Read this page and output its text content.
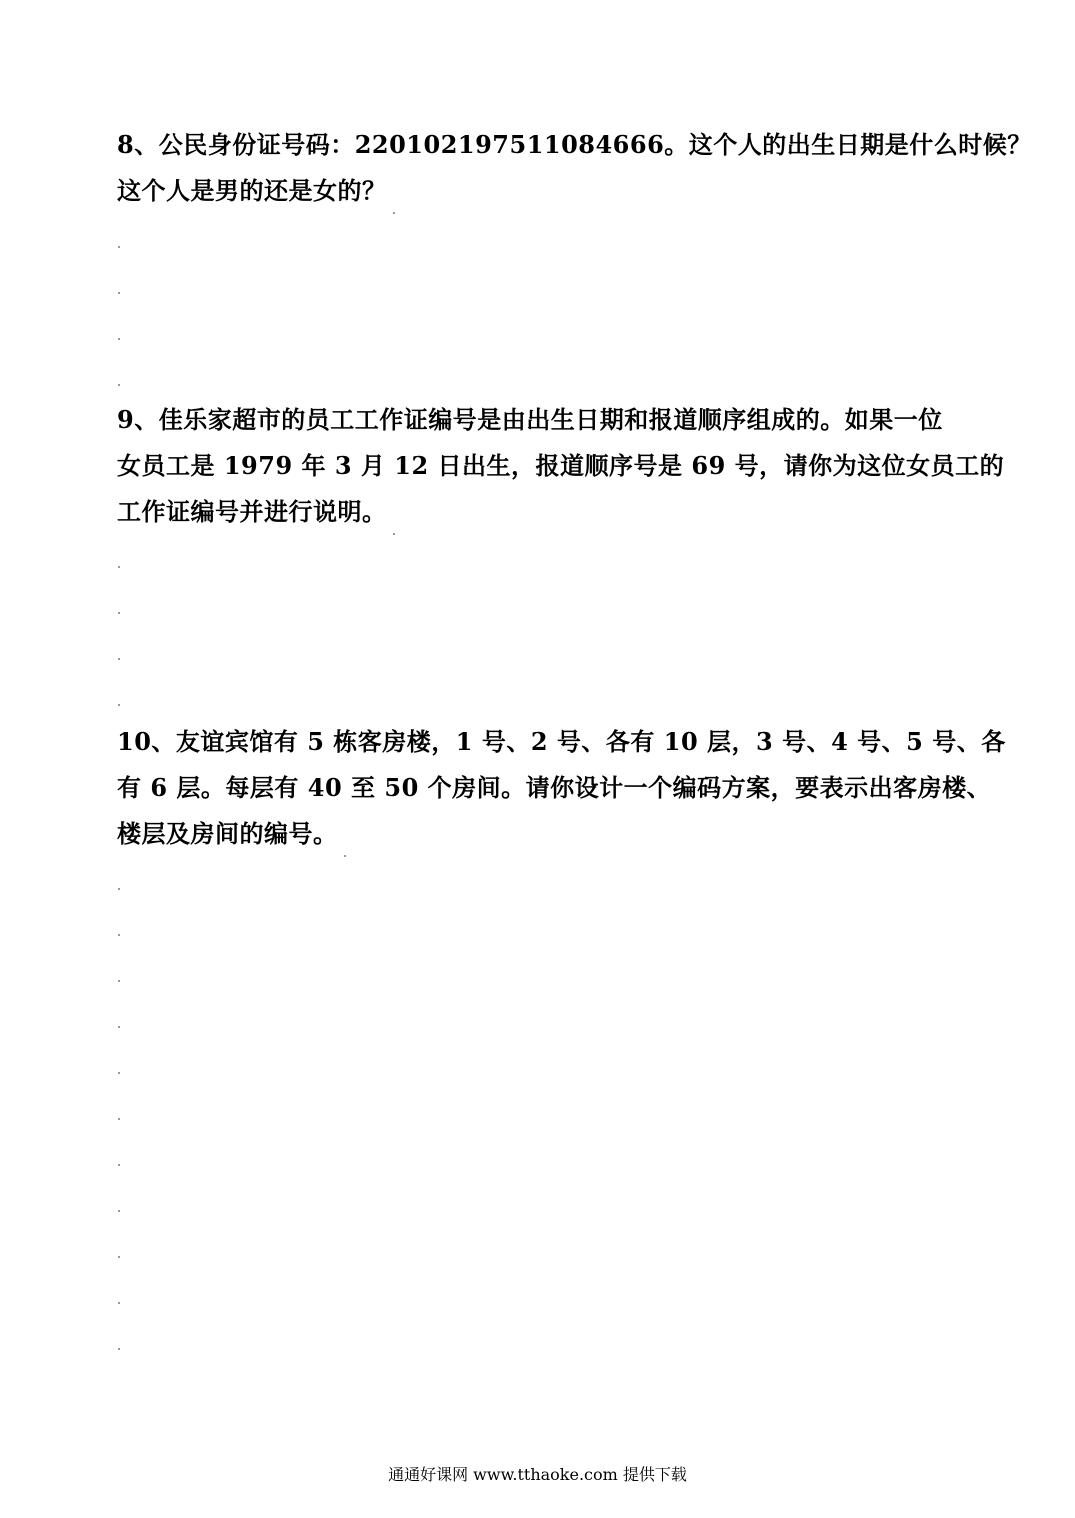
8、公民身份证号码：220102197511084666。这个人的出生日期是什么时候？
这个人是男的还是女的？
9、佳乐家超市的员工工作证编号是由出生日期和报道顺序组成的。如果一位
女员工是 1979 年 3 月 12 日出生，报道顺序号是 69 号，请你为这位女员工的
工作证编号并进行说明。
10、友谊宾馆有 5 栋客房楼，1 号、2 号、各有 10 层，3 号、4 号、5 号、各
有 6 层。每层有 40 至 50 个房间。请你设计一个编码方案，要表示出客房楼、
楼层及房间的编号。
通通好课网 www.tthaoke.com 提供下载
